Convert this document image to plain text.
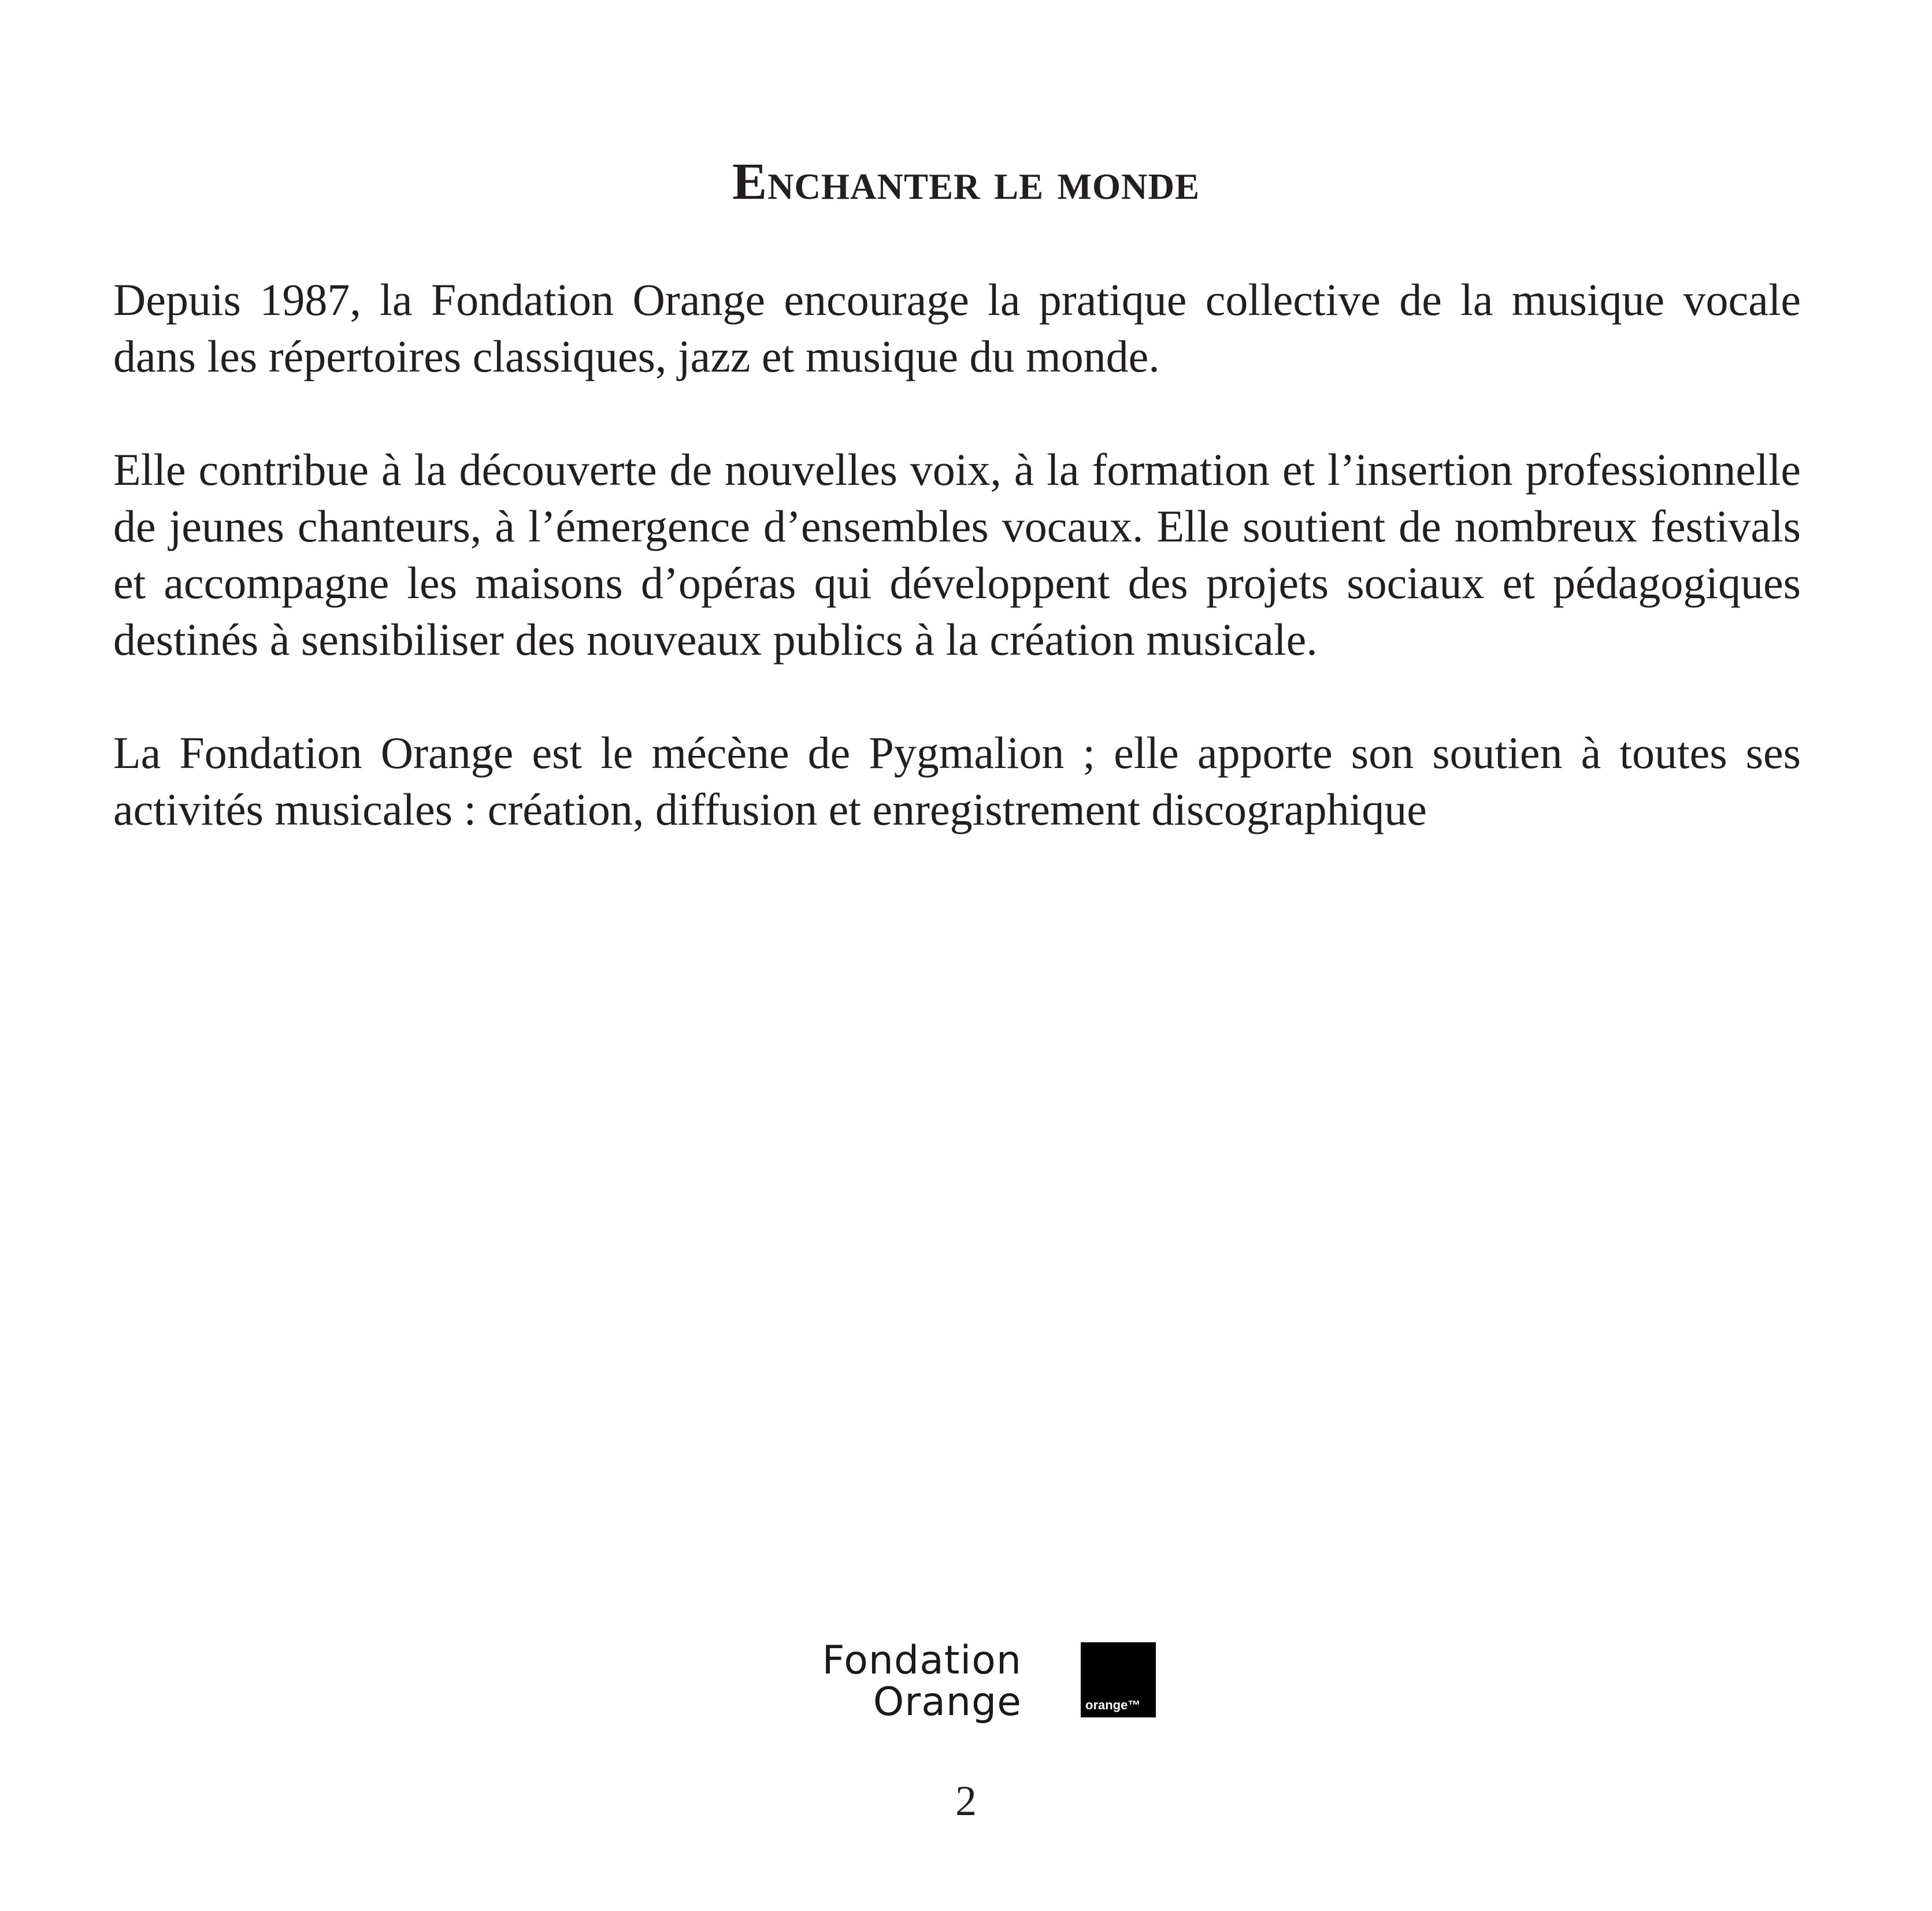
Enchanter le monde

Depuis 1987, la Fondation Orange encourage la pratique collective de la musique vocale dans les répertoires classiques, jazz et musique du monde.

Elle contribue à la découverte de nouvelles voix, à la formation et l’insertion professionnelle de jeunes chanteurs, à l’émergence d’ensembles vocaux. Elle soutient de nombreux festivals et accompagne les maisons d’opéras qui développent des projets sociaux et pédagogiques destinés à sensibiliser des nouveaux publics à la création musicale.

La Fondation Orange est le mécène de Pygmalion ; elle apporte son soutien à toutes ses activités musicales : création, diffusion et enregistrement discographique

Fondation
Orange	orange™
2
